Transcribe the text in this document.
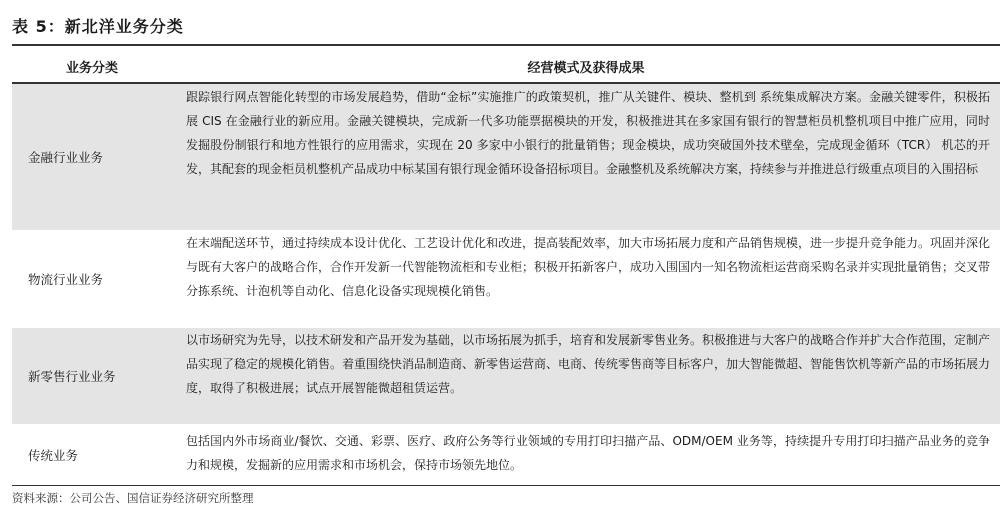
表 5：新北洋业务分类
业务分类	经营模式及获得成果
金融行业业务
跟踪银行网点智能化转型的市场发展趋势，借助“金标”实施推广的政策契机，推广从关键件、模块、整机到 系统集成解决方案。金融关键零件，积极拓展 CIS 在金融行业的新应用。金融关键模块，完成新一代多功能票据模块的开发，积极推进其在多家国有银行的智慧柜员机整机项目中推广应用，同时发掘股份制银行和地方性银行的应用需求，实现在 20 多家中小银行的批量销售；现金模块，成功突破国外技术壁垒，完成现金循环（TCR） 机芯的开发，其配套的现金柜员机整机产品成功中标某国有银行现金循环设备招标项目。金融整机及系统解决方案，持续参与并推进总行级重点项目的入围招标
物流行业业务
在末端配送环节，通过持续成本设计优化、工艺设计优化和改进，提高装配效率，加大市场拓展力度和产品销售规模，进一步提升竞争能力。巩固并深化与既有大客户的战略合作，合作开发新一代智能物流柜和专业柜；积极开拓新客户，成功入围国内一知名物流柜运营商采购名录并实现批量销售；交叉带分拣系统、计泡机等自动化、信息化设备实现规模化销售。
新零售行业业务
以市场研究为先导，以技术研发和产品开发为基础，以市场拓展为抓手，培育和发展新零售业务。积极推进与大客户的战略合作并扩大合作范围，定制产品实现了稳定的规模化销售。着重围绕快消品制造商、新零售运营商、电商、传统零售商等目标客户，加大智能微超、智能售饮机等新产品的市场拓展力度，取得了积极进展；试点开展智能微超租赁运营。
传统业务
包括国内外市场商业/餐饮、交通、彩票、医疗、政府公务等行业领域的专用打印扫描产品、ODM/OEM 业务等，持续提升专用打印扫描产品业务的竞争力和规模，发掘新的应用需求和市场机会，保持市场领先地位。
资料来源：公司公告、国信证券经济研究所整理
